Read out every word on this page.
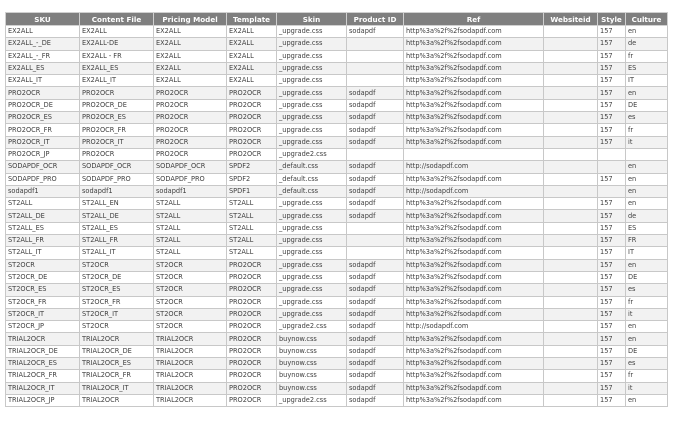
SKU	Content File	Pricing Model	Template	Skin	Product ID	Ref	Websiteid	Style	Culture
EX2ALL	EX2ALL	EX2ALL	EX2ALL	_upgrade.css	sodapdf	http%3a%2f%2fsodapdf.com		157	en
EX2ALL_-_DE	EX2ALL-DE	EX2ALL	EX2ALL	_upgrade.css		http%3a%2f%2fsodapdf.com		157	de
EX2ALL_-_FR	EX2ALL - FR	EX2ALL	EX2ALL	_upgrade.css		http%3a%2f%2fsodapdf.com		157	fr
EX2ALL_ES	EX2ALL_ES	EX2ALL	EX2ALL	_upgrade.css		http%3a%2f%2fsodapdf.com		157	ES
EX2ALL_IT	EX2ALL_IT	EX2ALL	EX2ALL	_upgrade.css		http%3a%2f%2fsodapdf.com		157	IT
PRO2OCR	PRO2OCR	PRO2OCR	PRO2OCR	_upgrade.css	sodapdf	http%3a%2f%2fsodapdf.com		157	en
PRO2OCR_DE	PRO2OCR_DE	PRO2OCR	PRO2OCR	_upgrade.css	sodapdf	http%3a%2f%2fsodapdf.com		157	DE
PRO2OCR_ES	PRO2OCR_ES	PRO2OCR	PRO2OCR	_upgrade.css	sodapdf	http%3a%2f%2fsodapdf.com		157	es
PRO2OCR_FR	PRO2OCR_FR	PRO2OCR	PRO2OCR	_upgrade.css	sodapdf	http%3a%2f%2fsodapdf.com		157	fr
PRO2OCR_IT	PRO2OCR_IT	PRO2OCR	PRO2OCR	_upgrade.css	sodapdf	http%3a%2f%2fsodapdf.com		157	it
PRO2OCR_JP	PRO2OCR	PRO2OCR	PRO2OCR	_upgrade2.css					
SODAPDF_OCR	SODAPDF_OCR	SODAPDF_OCR	SPDF2	_default.css	sodapdf	http://sodapdf.com			en
SODAPDF_PRO	SODAPDF_PRO	SODAPDF_PRO	SPDF2	_default.css	sodapdf	http%3a%2f%2fsodapdf.com		157	en
sodapdf1	sodapdf1	sodapdf1	SPDF1	_default.css	sodapdf	http://sodapdf.com			en
ST2ALL	ST2ALL_EN	ST2ALL	ST2ALL	_upgrade.css	sodapdf	http%3a%2f%2fsodapdf.com		157	en
ST2ALL_DE	ST2ALL_DE	ST2ALL	ST2ALL	_upgrade.css	sodapdf	http%3a%2f%2fsodapdf.com		157	de
ST2ALL_ES	ST2ALL_ES	ST2ALL	ST2ALL	_upgrade.css		http%3a%2f%2fsodapdf.com		157	ES
ST2ALL_FR	ST2ALL_FR	ST2ALL	ST2ALL	_upgrade.css		http%3a%2f%2fsodapdf.com		157	FR
ST2ALL_IT	ST2ALL_IT	ST2ALL	ST2ALL	_upgrade.css		http%3a%2f%2fsodapdf.com		157	IT
ST2OCR	ST2OCR	ST2OCR	PRO2OCR	_upgrade.css	sodapdf	http%3a%2f%2fsodapdf.com		157	en
ST2OCR_DE	ST2OCR_DE	ST2OCR	PRO2OCR	_upgrade.css	sodapdf	http%3a%2f%2fsodapdf.com		157	DE
ST2OCR_ES	ST2OCR_ES	ST2OCR	PRO2OCR	_upgrade.css	sodapdf	http%3a%2f%2fsodapdf.com		157	es
ST2OCR_FR	ST2OCR_FR	ST2OCR	PRO2OCR	_upgrade.css	sodapdf	http%3a%2f%2fsodapdf.com		157	fr
ST2OCR_IT	ST2OCR_IT	ST2OCR	PRO2OCR	_upgrade.css	sodapdf	http%3a%2f%2fsodapdf.com		157	it
ST2OCR_JP	ST2OCR	ST2OCR	PRO2OCR	_upgrade2.css	sodapdf	http://sodapdf.com		157	en
TRIAL2OCR	TRIAL2OCR	TRIAL2OCR	PRO2OCR	buynow.css	sodapdf	http%3a%2f%2fsodapdf.com		157	en
TRIAL2OCR_DE	TRIAL2OCR_DE	TRIAL2OCR	PRO2OCR	buynow.css	sodapdf	http%3a%2f%2fsodapdf.com		157	DE
TRIAL2OCR_ES	TRIAL2OCR_ES	TRIAL2OCR	PRO2OCR	buynow.css	sodapdf	http%3a%2f%2fsodapdf.com		157	es
TRIAL2OCR_FR	TRIAL2OCR_FR	TRIAL2OCR	PRO2OCR	buynow.css	sodapdf	http%3a%2f%2fsodapdf.com		157	fr
TRIAL2OCR_IT	TRIAL2OCR_IT	TRIAL2OCR	PRO2OCR	buynow.css	sodapdf	http%3a%2f%2fsodapdf.com		157	it
TRIAL2OCR_JP	TRIAL2OCR	TRIAL2OCR	PRO2OCR	_upgrade2.css	sodapdf	http%3a%2f%2fsodapdf.com		157	en
